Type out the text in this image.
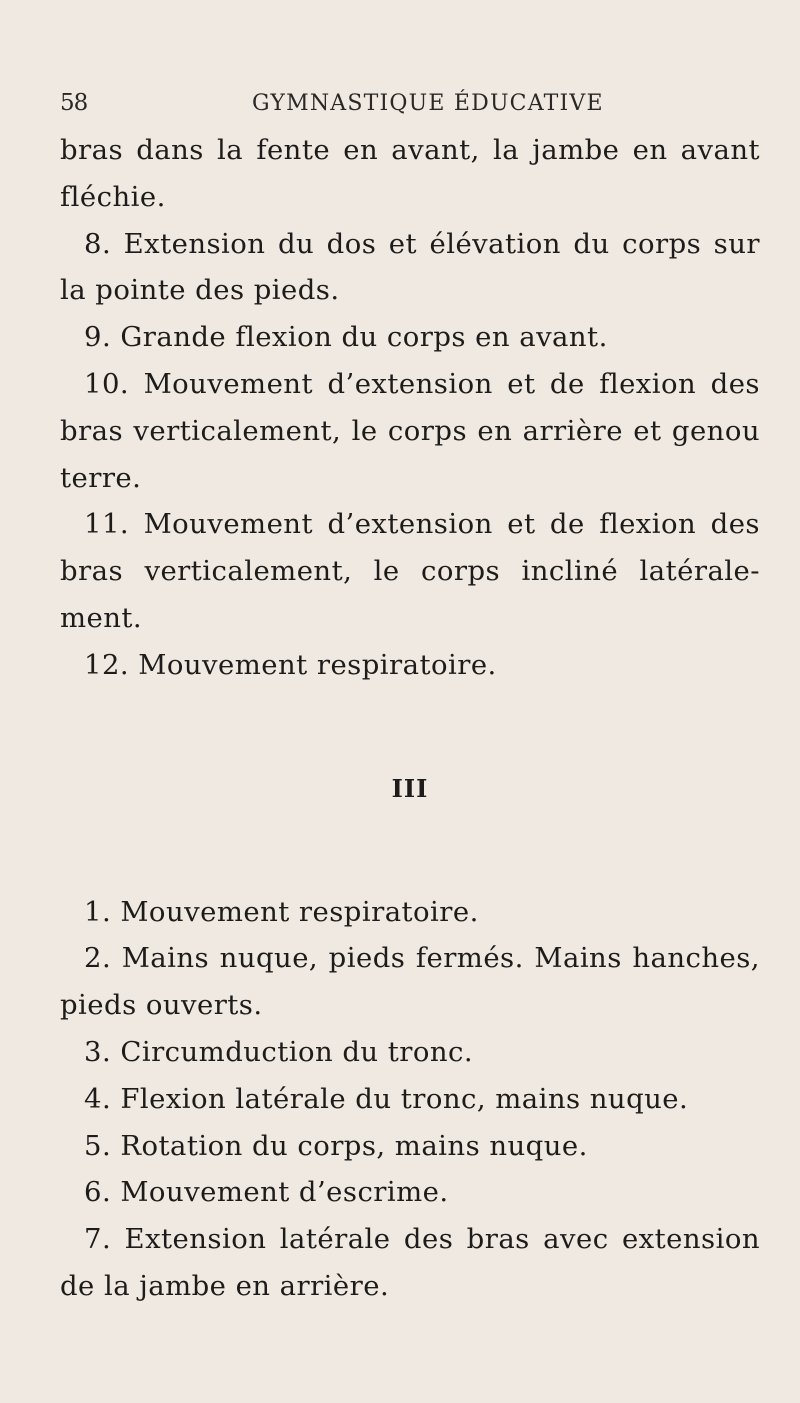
58	GYMNASTIQUE ÉDUCATIVE

bras dans la fente en avant, la jambe en avant fléchie.

8. Extension du dos et élévation du corps sur la pointe des pieds.

9. Grande flexion du corps en avant.

10. Mouvement d’extension et de flexion des bras verticalement, le corps en arrière et genou terre.

11. Mouvement d’extension et de flexion des bras verticalement, le corps incliné latérale-ment.

12. Mouvement respiratoire.

III

1. Mouvement respiratoire.

2. Mains nuque, pieds fermés. Mains hanches, pieds ouverts.

3. Circumduction du tronc.

4. Flexion latérale du tronc, mains nuque.

5. Rotation du corps, mains nuque.

6. Mouvement d’escrime.

7. Extension latérale des bras avec extension de la jambe en arrière.
